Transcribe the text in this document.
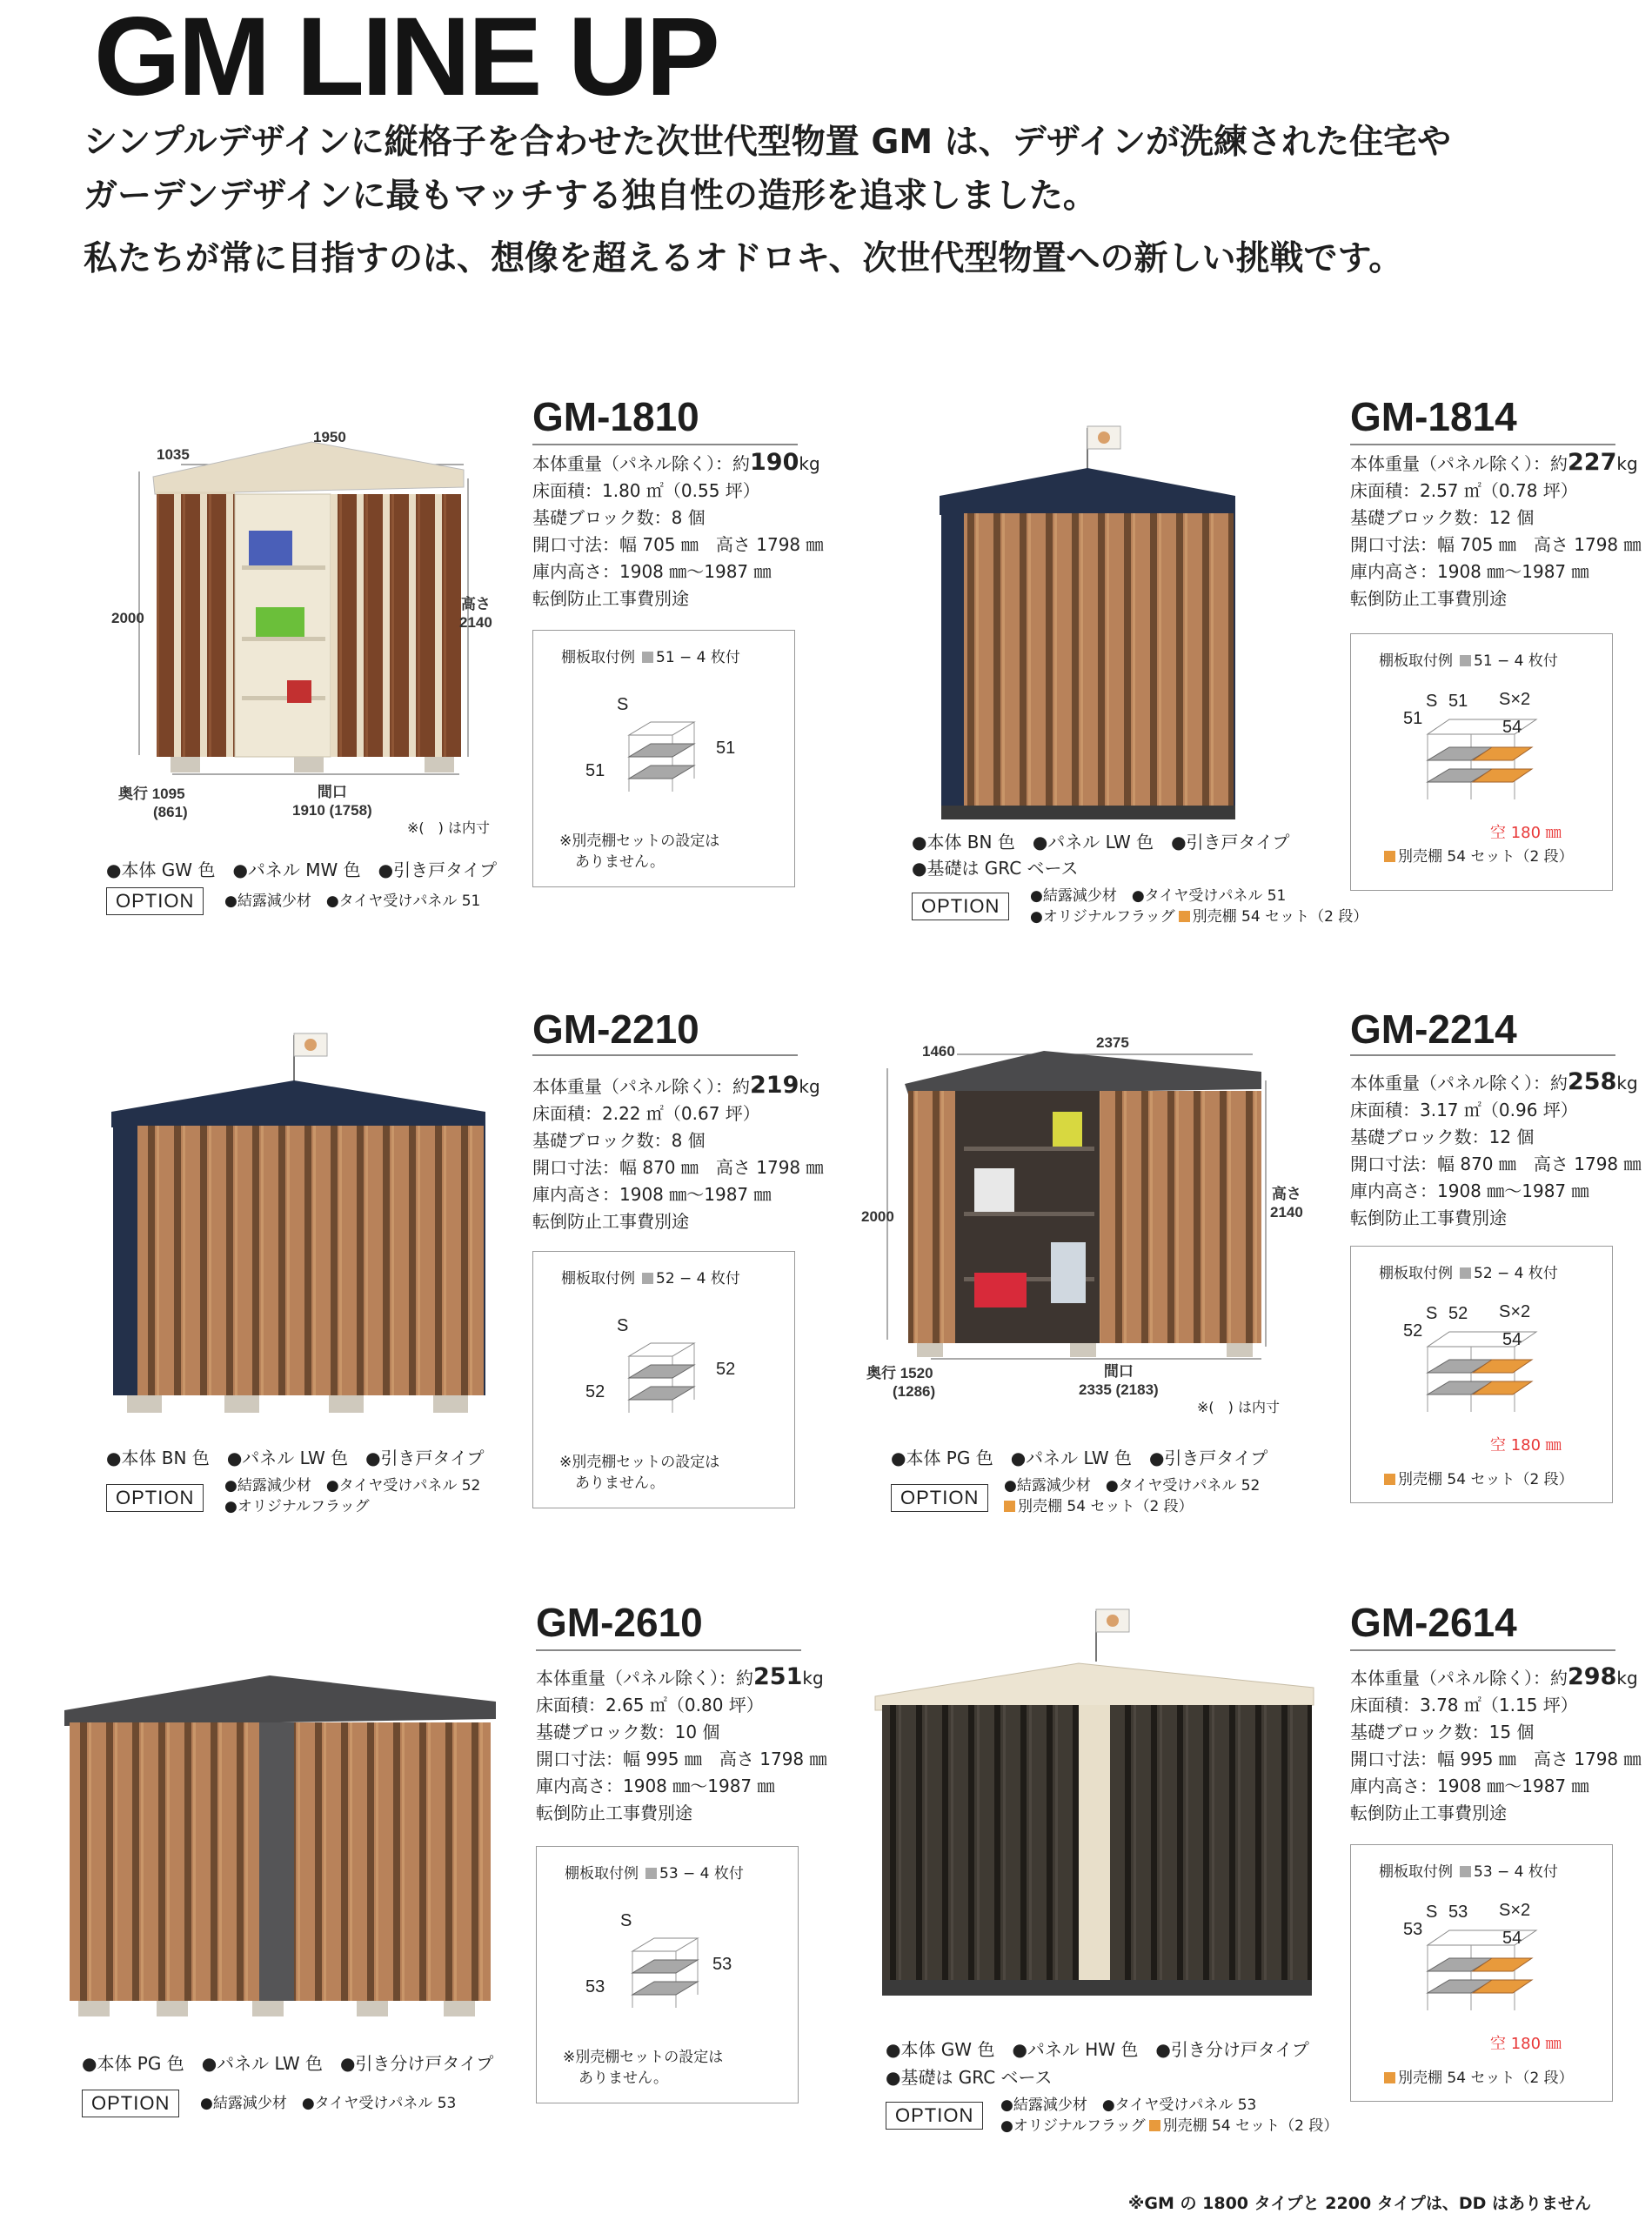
GM LINE UP
シンプルデザインに縦格子を合わせた次世代型物置 GM は、デザインが洗練された住宅や
ガーデンデザインに最もマッチする独自性の造形を追求しました。
私たちが常に目指すのは、想像を超えるオドロキ、次世代型物置への新しい挑戦です。
1035
1950
2000
高さ
2140
奥行 1095
(861)
間口
1910 (1758)
※(　) は内寸
GM-1810
本体重量（パネル除く）：約190kg
床面積：1.80 ㎡（0.55 坪）
基礎ブロック数：8 個
開口寸法：幅 705 ㎜　高さ 1798 ㎜
庫内高さ：1908 ㎜～1987 ㎜
転倒防止工事費別途
棚板取付例 51 − 4 枚付
S
51
51
※別売棚セットの設定は
ありません。
●本体 GW 色　●パネル MW 色　●引き戸タイプ
OPTION	●結露減少材　●タイヤ受けパネル 51
GM-1814
本体重量（パネル除く）：約227kg
床面積：2.57 ㎡（0.78 坪）
基礎ブロック数：12 個
開口寸法：幅 705 ㎜　高さ 1798 ㎜
庫内高さ：1908 ㎜～1987 ㎜
転倒防止工事費別途
棚板取付例 51 − 4 枚付
S 51 S×2
51	54
空 180 ㎜
別売棚 54 セット（2 段）
●本体 BN 色　●パネル LW 色　●引き戸タイプ
●基礎は GRC ベース
OPTION	●結露減少材　●タイヤ受けパネル 51
●オリジナルフラッグ 別売棚 54 セット（2 段）
GM-2210
本体重量（パネル除く）：約219kg
床面積：2.22 ㎡（0.67 坪）
基礎ブロック数：8 個
開口寸法：幅 870 ㎜　高さ 1798 ㎜
庫内高さ：1908 ㎜～1987 ㎜
転倒防止工事費別途
棚板取付例 52 − 4 枚付
S
52
52
※別売棚セットの設定は
ありません。
●本体 BN 色　●パネル LW 色　●引き戸タイプ
OPTION
●結露減少材　●タイヤ受けパネル 52
●オリジナルフラッグ
1460
2375
2000
高さ
2140
奥行 1520
(1286)
間口
2335 (2183)
※(　) は内寸
GM-2214
本体重量（パネル除く）：約258kg
床面積：3.17 ㎡（0.96 坪）
基礎ブロック数：12 個
開口寸法：幅 870 ㎜　高さ 1798 ㎜
庫内高さ：1908 ㎜～1987 ㎜
転倒防止工事費別途
棚板取付例 52 − 4 枚付
S 52 S×2
52	54
空 180 ㎜
別売棚 54 セット（2 段）
●本体 PG 色　●パネル LW 色　●引き戸タイプ
OPTION
●結露減少材　●タイヤ受けパネル 52
別売棚 54 セット（2 段）
GM-2610
本体重量（パネル除く）：約251kg
床面積：2.65 ㎡（0.80 坪）
基礎ブロック数：10 個
開口寸法：幅 995 ㎜　高さ 1798 ㎜
庫内高さ：1908 ㎜～1987 ㎜
転倒防止工事費別途
棚板取付例 53 − 4 枚付
S
53
53
※別売棚セットの設定は
ありません。
●本体 PG 色　●パネル LW 色　●引き分け戸タイプ
OPTION	●結露減少材　●タイヤ受けパネル 53
GM-2614
本体重量（パネル除く）：約298kg
床面積：3.78 ㎡（1.15 坪）
基礎ブロック数：15 個
開口寸法：幅 995 ㎜　高さ 1798 ㎜
庫内高さ：1908 ㎜～1987 ㎜
転倒防止工事費別途
棚板取付例 53 − 4 枚付
S 53 S×2
53	54
空 180 ㎜
別売棚 54 セット（2 段）
●本体 GW 色　●パネル HW 色　●引き分け戸タイプ
●基礎は GRC ベース
OPTION	●結露減少材　●タイヤ受けパネル 53
●オリジナルフラッグ 別売棚 54 セット（2 段）
※GM の 1800 タイプと 2200 タイプは、DD はありません
